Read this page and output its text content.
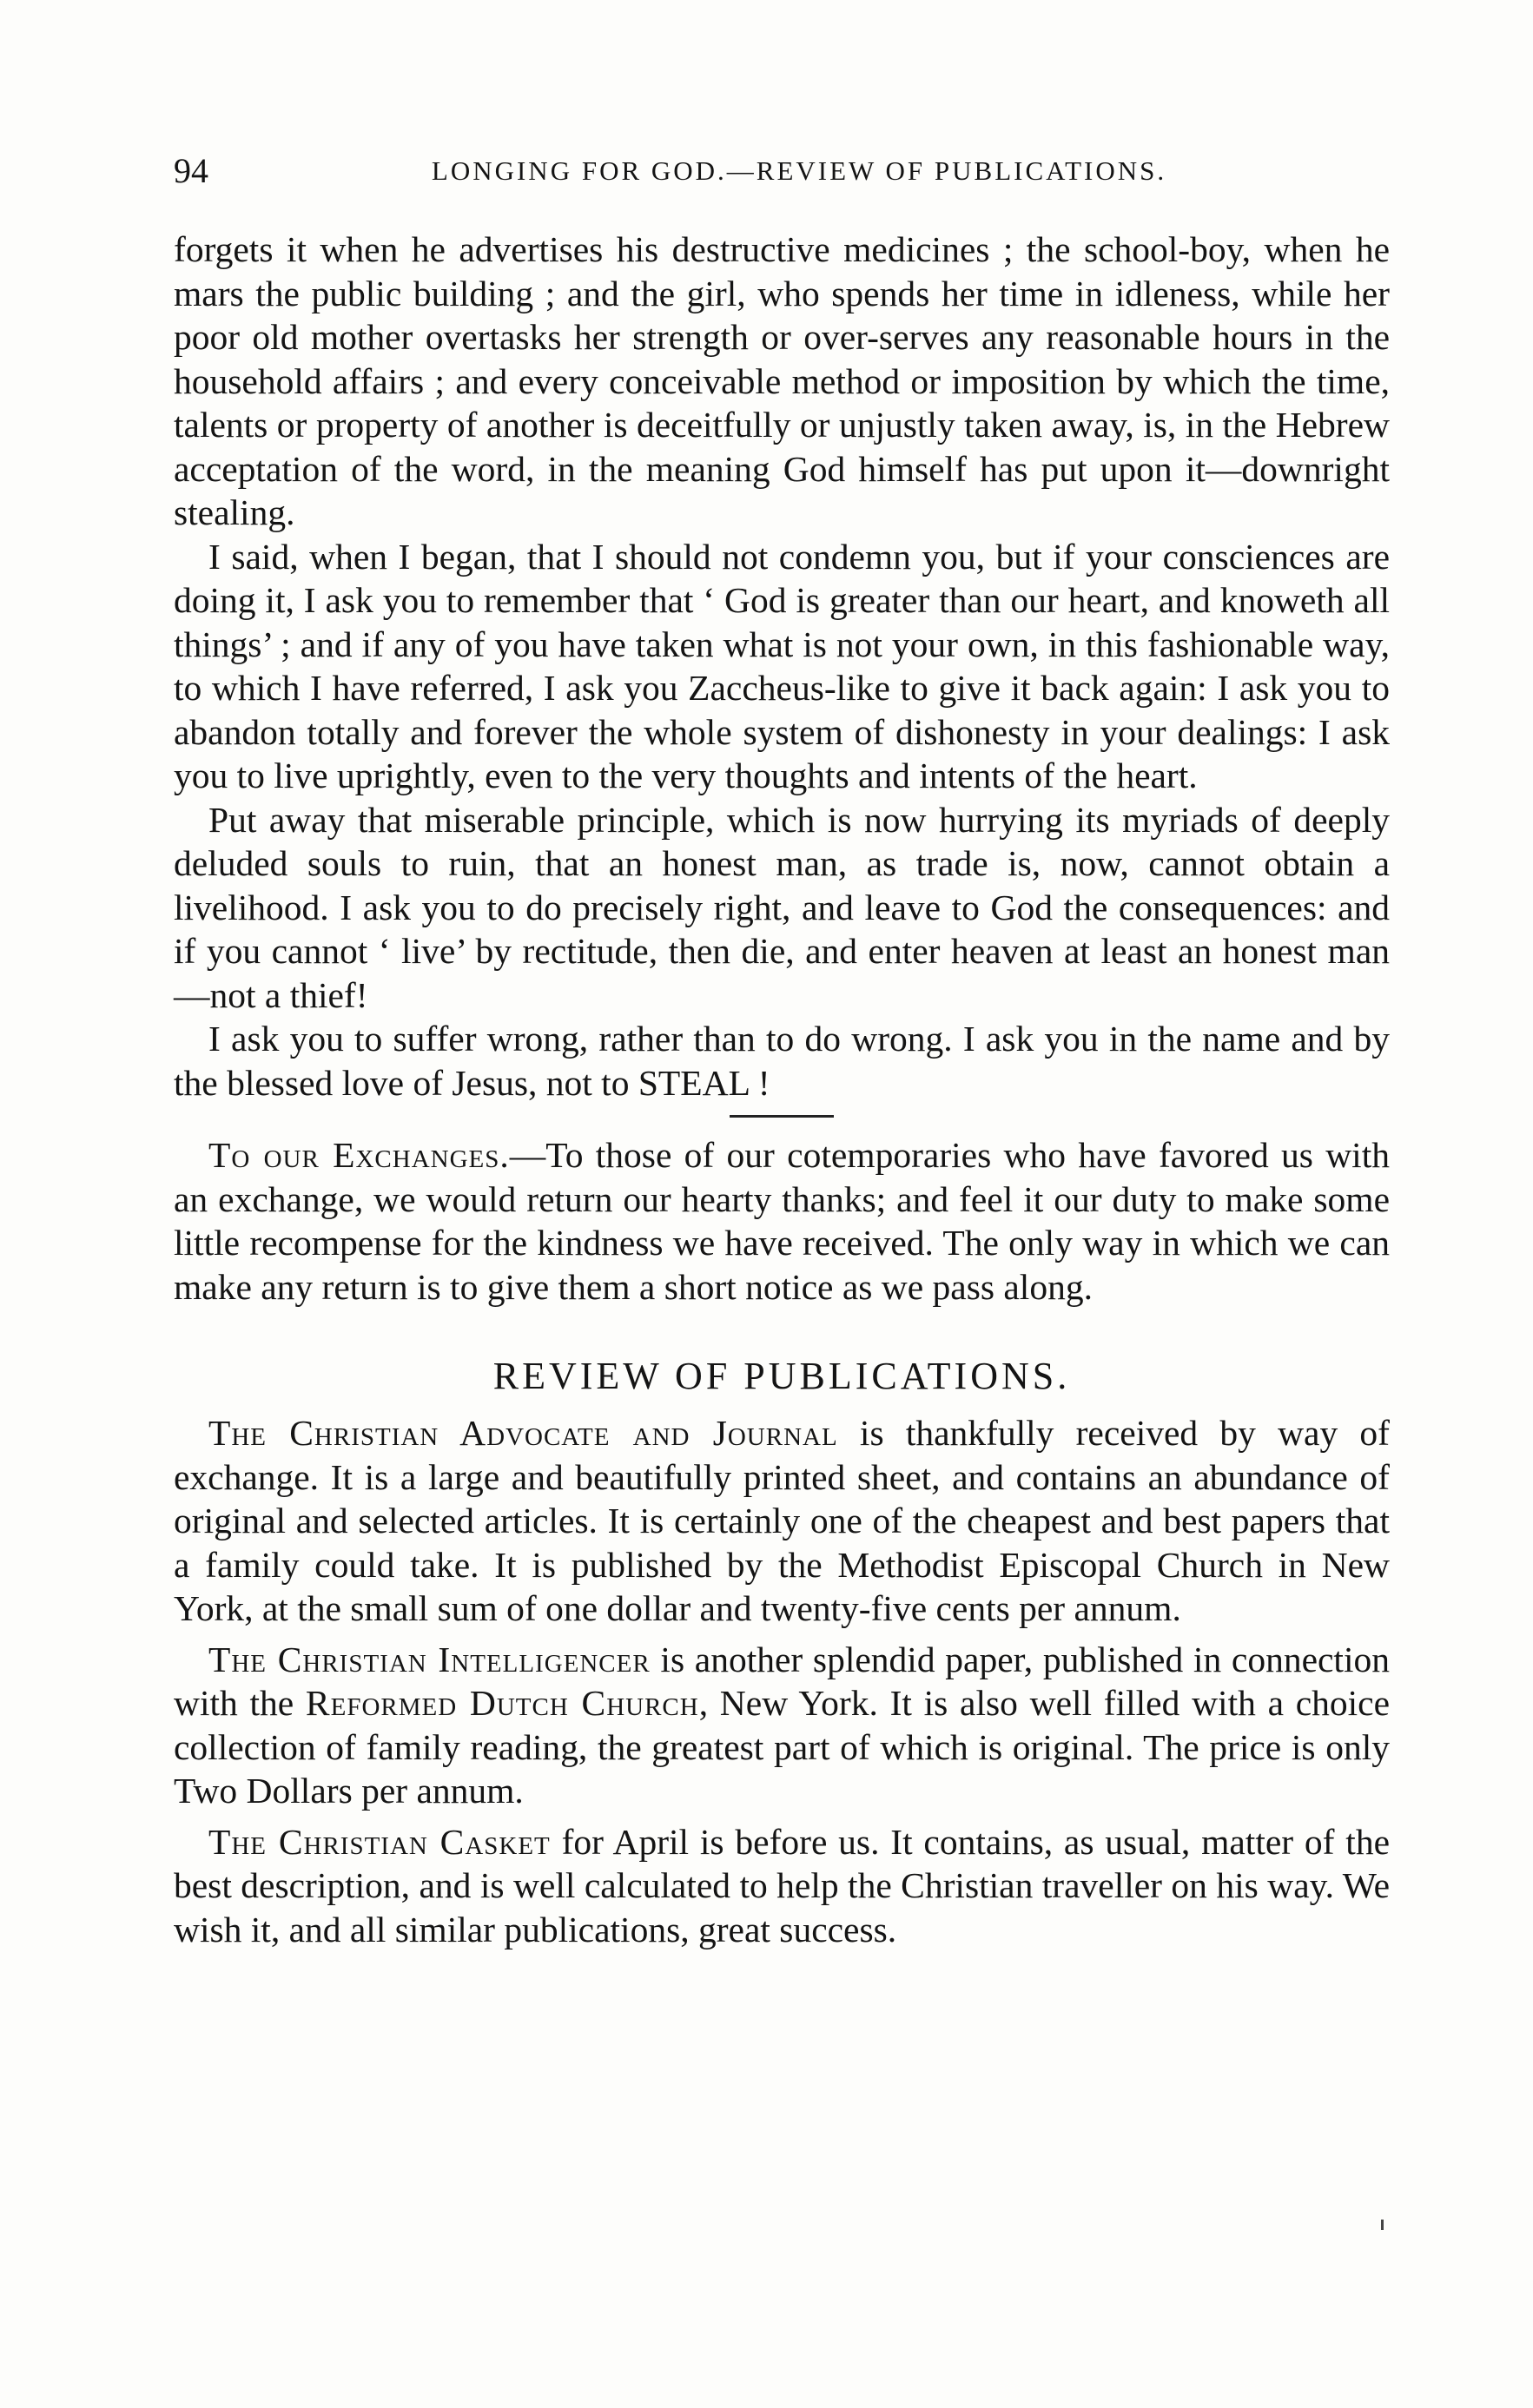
94	LONGING FOR GOD.—REVIEW OF PUBLICATIONS.

forgets it when he advertises his destructive medicines ; the school-boy, when he mars the public building ; and the girl, who spends her time in idleness, while her poor old mother overtasks her strength or over-serves any reasonable hours in the household affairs ; and every conceivable method or imposition by which the time, talents or property of another is deceitfully or unjustly taken away, is, in the Hebrew acceptation of the word, in the meaning God himself has put upon it—downright stealing.

I said, when I began, that I should not condemn you, but if your consciences are doing it, I ask you to remember that ‘ God is greater than our heart, and knoweth all things’ ; and if any of you have taken what is not your own, in this fashionable way, to which I have referred, I ask you Zaccheus-like to give it back again: I ask you to abandon totally and forever the whole system of dishonesty in your dealings: I ask you to live uprightly, even to the very thoughts and intents of the heart.

Put away that miserable principle, which is now hurrying its myriads of deeply deluded souls to ruin, that an honest man, as trade is, now, cannot obtain a livelihood. I ask you to do precisely right, and leave to God the consequences: and if you cannot ‘ live’ by rectitude, then die, and enter heaven at least an honest man—not a thief!

I ask you to suffer wrong, rather than to do wrong. I ask you in the name and by the blessed love of Jesus, not to STEAL !

To our Exchanges.—To those of our cotemporaries who have favored us with an exchange, we would return our hearty thanks; and feel it our duty to make some little recompense for the kindness we have received. The only way in which we can make any return is to give them a short notice as we pass along.

REVIEW OF PUBLICATIONS.

The Christian Advocate and Journal is thankfully received by way of exchange. It is a large and beautifully printed sheet, and contains an abundance of original and selected articles. It is certainly one of the cheapest and best papers that a family could take. It is published by the Methodist Episcopal Church in New York, at the small sum of one dollar and twenty-five cents per annum.

The Christian Intelligencer is another splendid paper, published in connection with the Reformed Dutch Church, New York. It is also well filled with a choice collection of family reading, the greatest part of which is original. The price is only Two Dollars per annum.

The Christian Casket for April is before us. It contains, as usual, matter of the best description, and is well calculated to help the Christian traveller on his way. We wish it, and all similar publications, great success.
